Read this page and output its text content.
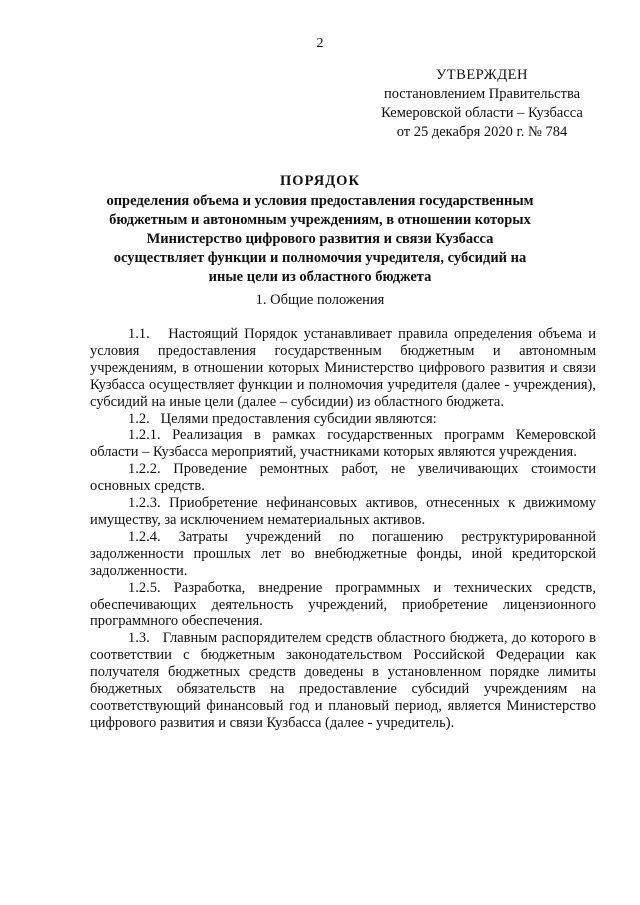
2
УТВЕРЖДЕН
постановлением Правительства
Кемеровской области – Кузбасса
от 25 декабря 2020 г. № 784
ПОРЯДОК
определения объема и условия предоставления государственным бюджетным и автономным учреждениям, в отношении которых Министерство цифрового развития и связи Кузбасса осуществляет функции и полномочия учредителя, субсидий на иные цели из областного бюджета
1. Общие положения

1.1.   Настоящий Порядок устанавливает правила определения объема и условия предоставления государственным бюджетным и автономным учреждениям, в отношении которых Министерство цифрового развития и связи Кузбасса осуществляет функции и полномочия учредителя (далее - учреждения), субсидий на иные цели (далее – субсидии) из областного бюджета.

1.2.   Целями предоставления субсидии являются:

1.2.1. Реализация в рамках государственных программ Кемеровской области – Кузбасса мероприятий, участниками которых являются учреждения.

1.2.2. Проведение ремонтных работ, не увеличивающих стоимости основных средств.

1.2.3. Приобретение нефинансовых активов, отнесенных к движимому имуществу, за исключением нематериальных активов.

1.2.4. Затраты учреждений по погашению реструктурированной задолженности прошлых лет во внебюджетные фонды, иной кредиторской задолженности.

1.2.5. Разработка, внедрение программных и технических средств, обеспечивающих деятельность учреждений, приобретение лицензионного программного обеспечения.

1.3.   Главным распорядителем средств областного бюджета, до которого в соответствии с бюджетным законодательством Российской Федерации как получателя бюджетных средств доведены в установленном порядке лимиты бюджетных обязательств на предоставление субсидий учреждениям на соответствующий финансовый год и плановый период, является Министерство цифрового развития и связи Кузбасса (далее - учредитель).
